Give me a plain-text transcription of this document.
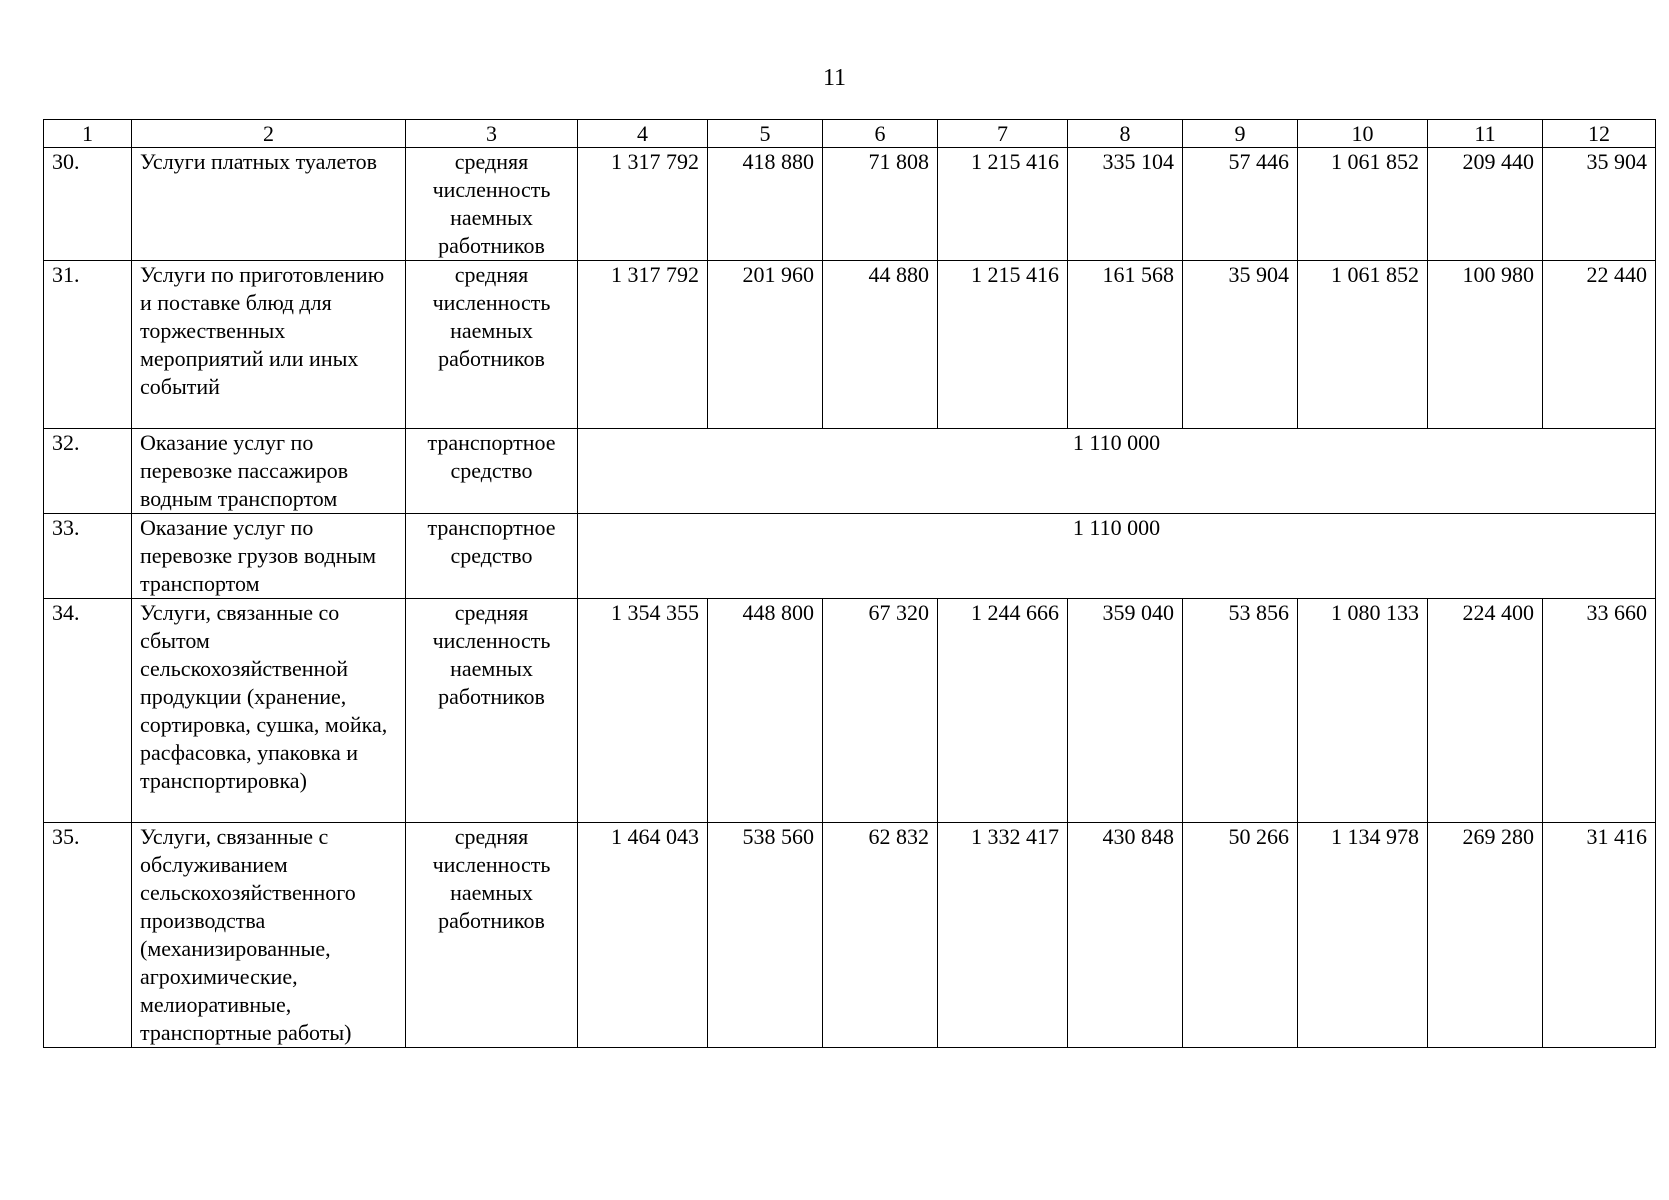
11
1	2	3	4	5	6	7	8	9	10	11	12
30.	Услуги платных туалетов	средняя численность наемных работников	1 317 792	418 880	71 808	1 215 416	335 104	57 446	1 061 852	209 440	35 904
31.	Услуги по приготовлению и поставке блюд для торжественных мероприятий или иных событий	средняя численность наемных работников	1 317 792	201 960	44 880	1 215 416	161 568	35 904	1 061 852	100 980	22 440
32.	Оказание услуг по перевозке пассажиров водным транспортом	транспортное средство	1 110 000								
33.	Оказание услуг по перевозке грузов водным транспортом	транспортное средство	1 110 000								
34.	Услуги, связанные со сбытом сельскохозяйственной продукции (хранение, сортировка, сушка, мойка, расфасовка, упаковка и транспортировка)	средняя численность наемных работников	1 354 355	448 800	67 320	1 244 666	359 040	53 856	1 080 133	224 400	33 660
35.	Услуги, связанные с обслуживанием сельскохозяйственного производства (механизированные, агрохимические, мелиоративные, транспортные работы)	средняя численность наемных работников	1 464 043	538 560	62 832	1 332 417	430 848	50 266	1 134 978	269 280	31 416
